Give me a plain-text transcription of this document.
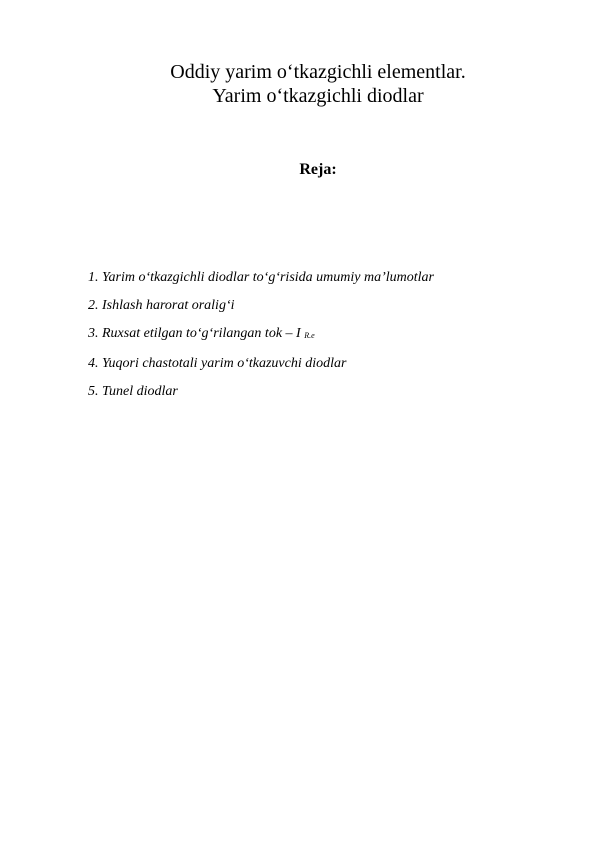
Oddiy yarim o‘tkazgichli elementlar.
Yarim o‘tkazgichli diodlar
Reja:
1. Yarim o‘tkazgichli diodlar to‘g‘risida umumiy ma’lumotlar
2. Ishlash harorat oralig‘i
3. Ruxsat etilgan to‘g‘rilangan tok – I R.e
4. Yuqori chastotali yarim o‘tkazuvchi diodlar
5. Tunel diodlar
